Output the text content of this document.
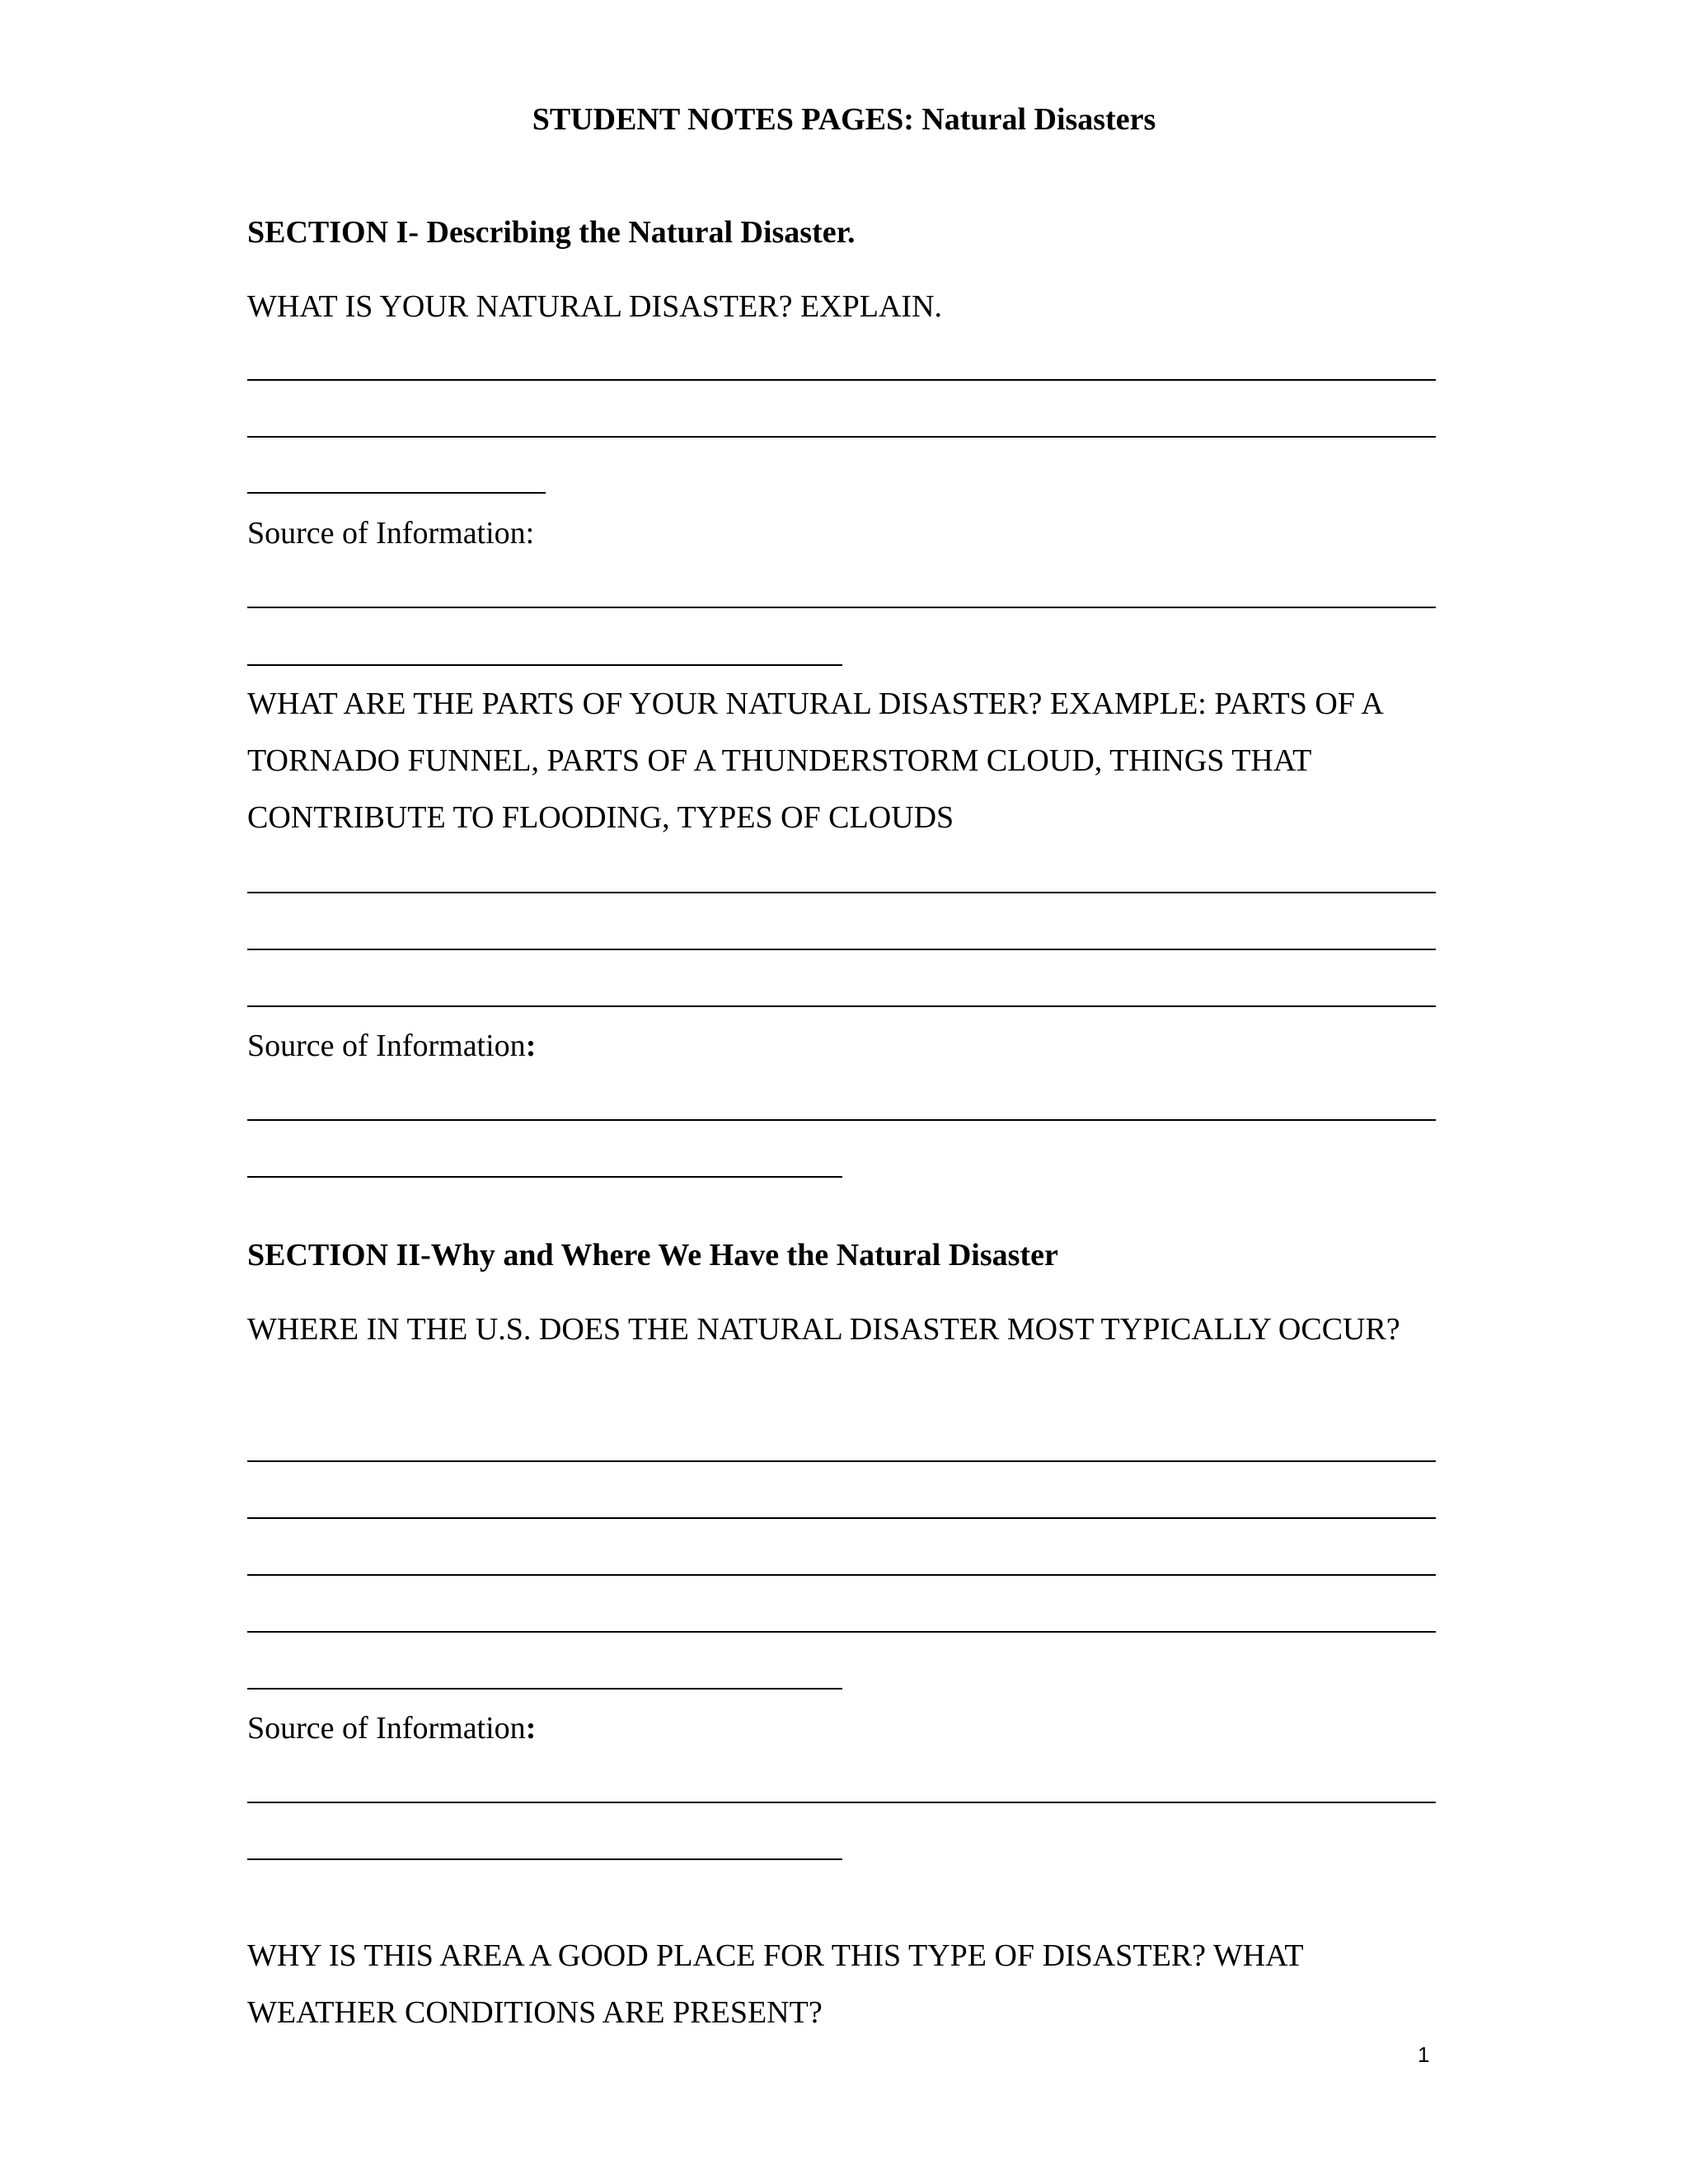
STUDENT NOTES PAGES: Natural Disasters
SECTION I- Describing the Natural Disaster.

WHAT IS YOUR NATURAL DISASTER? EXPLAIN.

Source of Information:

WHAT ARE THE PARTS OF YOUR NATURAL DISASTER? EXAMPLE: PARTS OF A TORNADO FUNNEL, PARTS OF A THUNDERSTORM CLOUD, THINGS THAT CONTRIBUTE TO FLOODING, TYPES OF CLOUDS

Source of Information:

SECTION II-Why and Where We Have the Natural Disaster

WHERE IN THE U.S. DOES THE NATURAL DISASTER MOST TYPICALLY OCCUR?

Source of Information:

WHY IS THIS AREA A GOOD PLACE FOR THIS TYPE OF DISASTER? WHAT WEATHER CONDITIONS ARE PRESENT?

1
